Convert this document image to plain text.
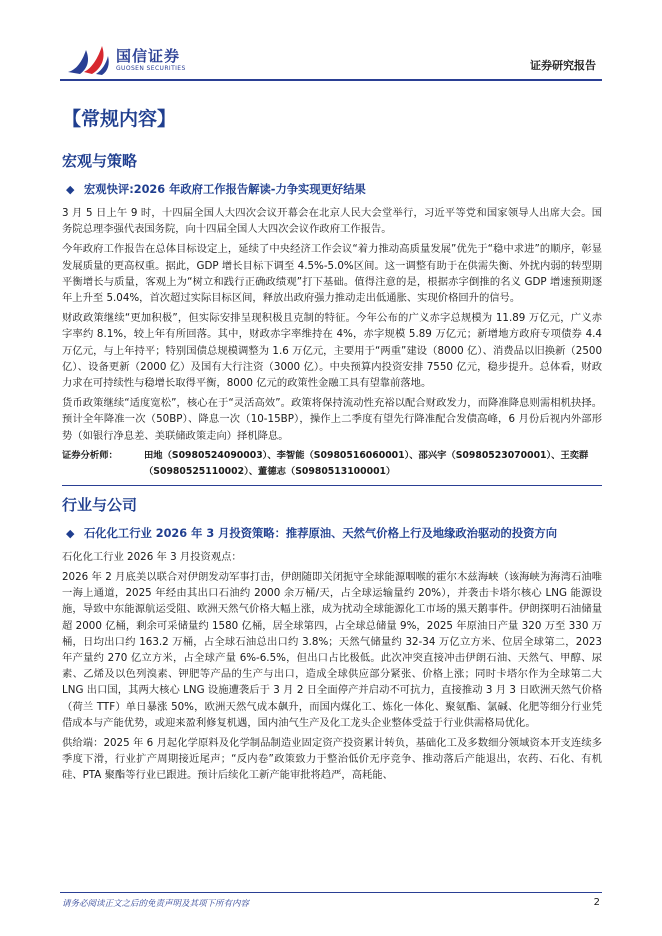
国信证券
GUOSEN SECURITIES	证券研究报告
【常规内容】
宏观与策略
◆ 宏观快评:2026 年政府工作报告解读-力争实现更好结果

3 月 5 日上午 9 时，十四届全国人大四次会议开幕会在北京人民大会堂举行，习近平等党和国家领导人出席大会。国务院总理李强代表国务院，向十四届全国人大四次会议作政府工作报告。

今年政府工作报告在总体目标设定上，延续了中央经济工作会议“着力推动高质量发展”优先于“稳中求进”的顺序，彰显发展质量的更高权重。据此，GDP 增长目标下调至 4.5%-5.0%区间。这一调整有助于在供需失衡、外扰内弱的转型期平衡增长与质量，客观上为“树立和践行正确政绩观”打下基础。值得注意的是，根据赤字倒推的名义 GDP 增速预期逐年上升至 5.04%，首次超过实际目标区间，释放出政府强力推动走出低通胀、实现价格回升的信号。

财政政策继续“更加积极”，但实际安排呈现积极且克制的特征。今年公布的广义赤字总规模为 11.89 万亿元，广义赤字率约 8.1%，较上年有所回落。其中，财政赤字率维持在 4%，赤字规模 5.89 万亿元；新增地方政府专项债券 4.4 万亿元，与上年持平；特别国债总规模调整为 1.6 万亿元，主要用于“两重”建设（8000 亿）、消费品以旧换新（2500 亿）、设备更新（2000 亿）及国有大行注资（3000 亿）。中央预算内投资安排 7550 亿元，稳步提升。总体看，财政力求在可持续性与稳增长取得平衡，8000 亿元的政策性金融工具有望靠前落地。

货币政策继续“适度宽松”，核心在于“灵活高效”。政策将保持流动性充裕以配合财政发力，而降准降息则需相机抉择。预计全年降准一次（50BP）、降息一次（10-15BP），操作上二季度有望先行降准配合发债高峰，6 月份后视内外部形势（如银行净息差、美联储政策走向）择机降息。

证券分析师：	田地（S0980524090003）、李智能（S0980516060001）、邵兴宇（S0980523070001）、王奕群（S0980525110002）、董德志（S0980513100001）
行业与公司
◆ 石化化工行业 2026 年 3 月投资策略：推荐原油、天然气价格上行及地缘政治驱动的投资方向

石化化工行业 2026 年 3 月投资观点：

2026 年 2 月底美以联合对伊朗发动军事打击，伊朗随即关闭扼守全球能源咽喉的霍尔木兹海峡（该海峡为海湾石油唯一海上通道，2025 年经由其出口石油约 2000 余万桶/天，占全球运输量约 20%），并袭击卡塔尔核心 LNG 能源设施，导致中东能源航运受阻、欧洲天然气价格大幅上涨，成为扰动全球能源化工市场的黑天鹅事件。伊朗探明石油储量超 2000 亿桶，剩余可采储量约 1580 亿桶，居全球第四，占全球总储量 9%，2025 年原油日产量 320 万至 330 万桶，日均出口约 163.2 万桶，占全球石油总出口约 3.8%；天然气储量约 32-34 万亿立方米、位居全球第二，2023 年产量约 270 亿立方米，占全球产量 6%-6.5%，但出口占比极低。此次冲突直接冲击伊朗石油、天然气、甲醇、尿素、乙烯及以色列溴素、钾肥等产品的生产与出口，造成全球供应部分紧张、价格上涨；同时卡塔尔作为全球第二大 LNG 出口国，其两大核心 LNG 设施遭袭后于 3 月 2 日全面停产并启动不可抗力，直接推动 3 月 3 日欧洲天然气价格（荷兰 TTF）单日暴涨 50%，欧洲天然气成本飙升，而国内煤化工、炼化一体化、聚氨酯、氯碱、化肥等细分行业凭借成本与产能优势，或迎来盈利修复机遇，国内油气生产及化工龙头企业整体受益于行业供需格局优化。

供给端：2025 年 6 月起化学原料及化学制品制造业固定资产投资累计转负，基础化工及多数细分领域资本开支连续多季度下滑，行业扩产周期接近尾声；“反内卷”政策致力于整治低价无序竞争、推动落后产能退出，农药、石化、有机硅、PTA 聚酯等行业已跟进。预计后续化工新产能审批将趋严，高耗能、

请务必阅读正文之后的免责声明及其项下所有内容	2
